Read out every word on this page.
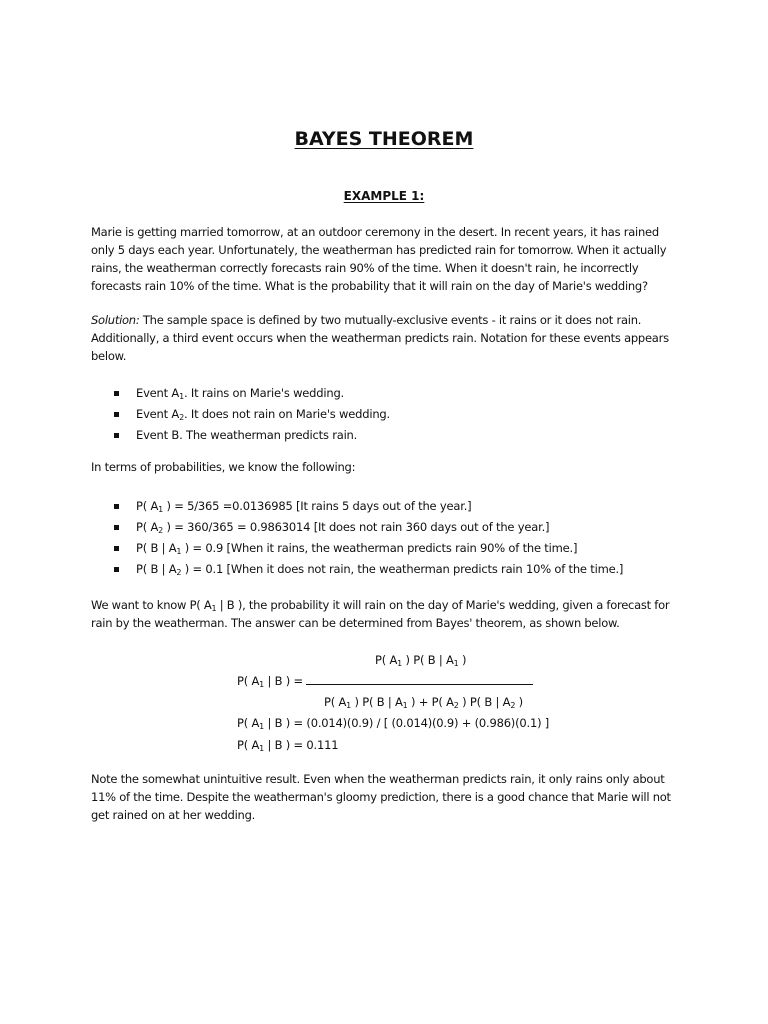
BAYES THEOREM
EXAMPLE 1:
Marie is getting married tomorrow, at an outdoor ceremony in the desert. In recent years, it has rained
only 5 days each year. Unfortunately, the weatherman has predicted rain for tomorrow. When it actually
rains, the weatherman correctly forecasts rain 90% of the time. When it doesn't rain, he incorrectly
forecasts rain 10% of the time. What is the probability that it will rain on the day of Marie's wedding?
Solution: The sample space is defined by two mutually-exclusive events - it rains or it does not rain.
Additionally, a third event occurs when the weatherman predicts rain. Notation for these events appears
below.
Event $A_1$. It rains on Marie's wedding.
Event $A_2$. It does not rain on Marie's wedding.
Event B. The weatherman predicts rain.
In terms of probabilities, we know the following:
P( $A_1$ ) = 5/365 =0.0136985 [It rains 5 days out of the year.]
P( $A_2$ ) = 360/365 = 0.9863014 [It does not rain 360 days out of the year.]
P( B | $A_1$ ) = 0.9 [When it rains, the weatherman predicts rain 90% of the time.]
P( B | $A_2$ ) = 0.1 [When it does not rain, the weatherman predicts rain 10% of the time.]
We want to know P( $A_1$ | B ), the probability it will rain on the day of Marie's wedding, given a forecast for
rain by the weatherman. The answer can be determined from Bayes' theorem, as shown below.
P( $A_1$ ) P( B | $A_1$ )
P( $A_1$ | B ) =
P( $A_1$ ) P( B | $A_1$ ) + P( $A_2$ ) P( B | $A_2$ )
P( $A_1$ | B ) = (0.014)(0.9) / [ (0.014)(0.9) + (0.986)(0.1) ]
P( $A_1$ | B ) = 0.111
Note the somewhat unintuitive result. Even when the weatherman predicts rain, it only rains only about
11% of the time. Despite the weatherman's gloomy prediction, there is a good chance that Marie will not
get rained on at her wedding.
